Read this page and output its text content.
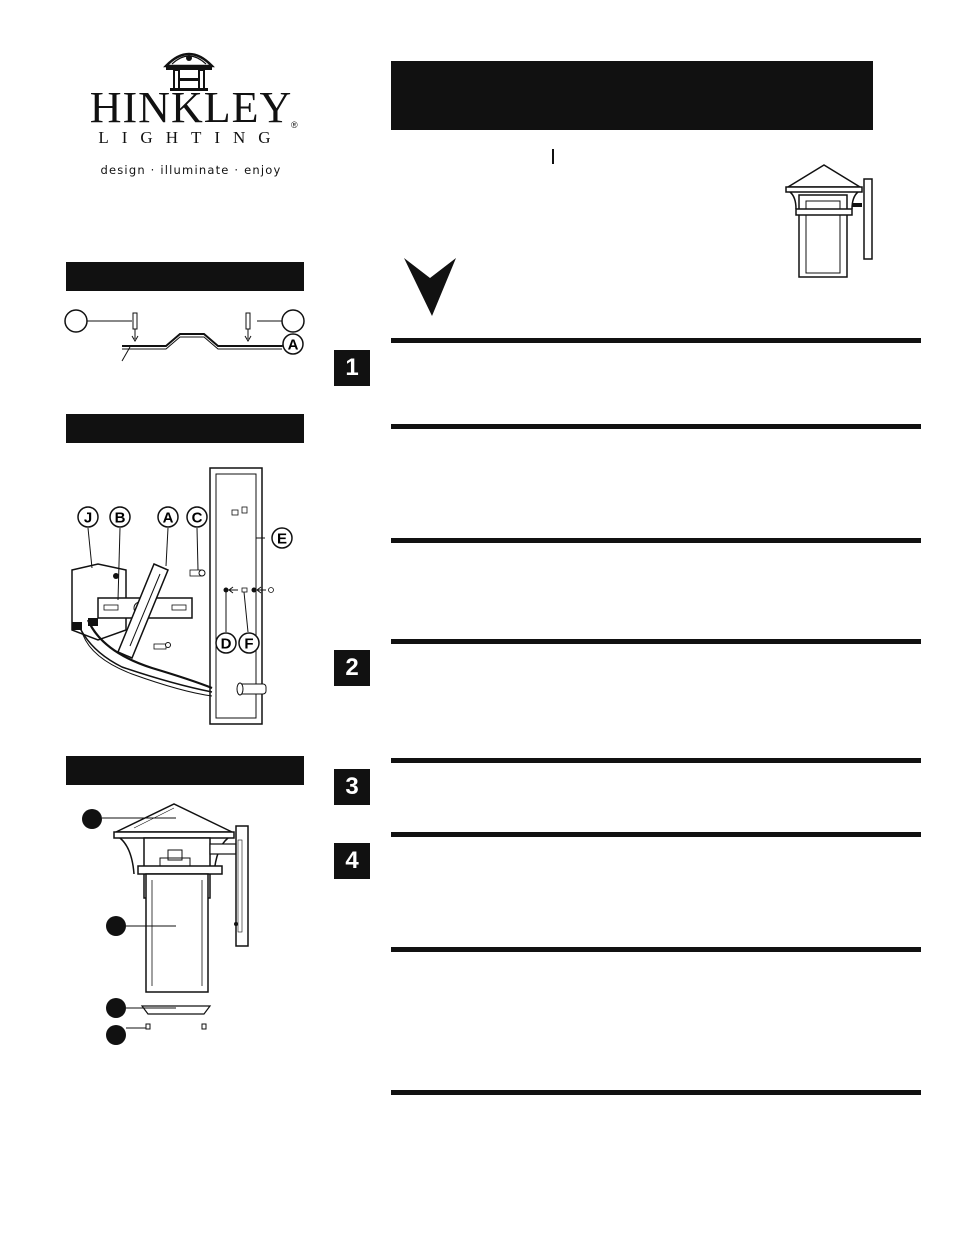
HINKLEY
®
LIGHTING
design · illuminate · enjoy
A
J B A C
E
D F
1
2
3
4
